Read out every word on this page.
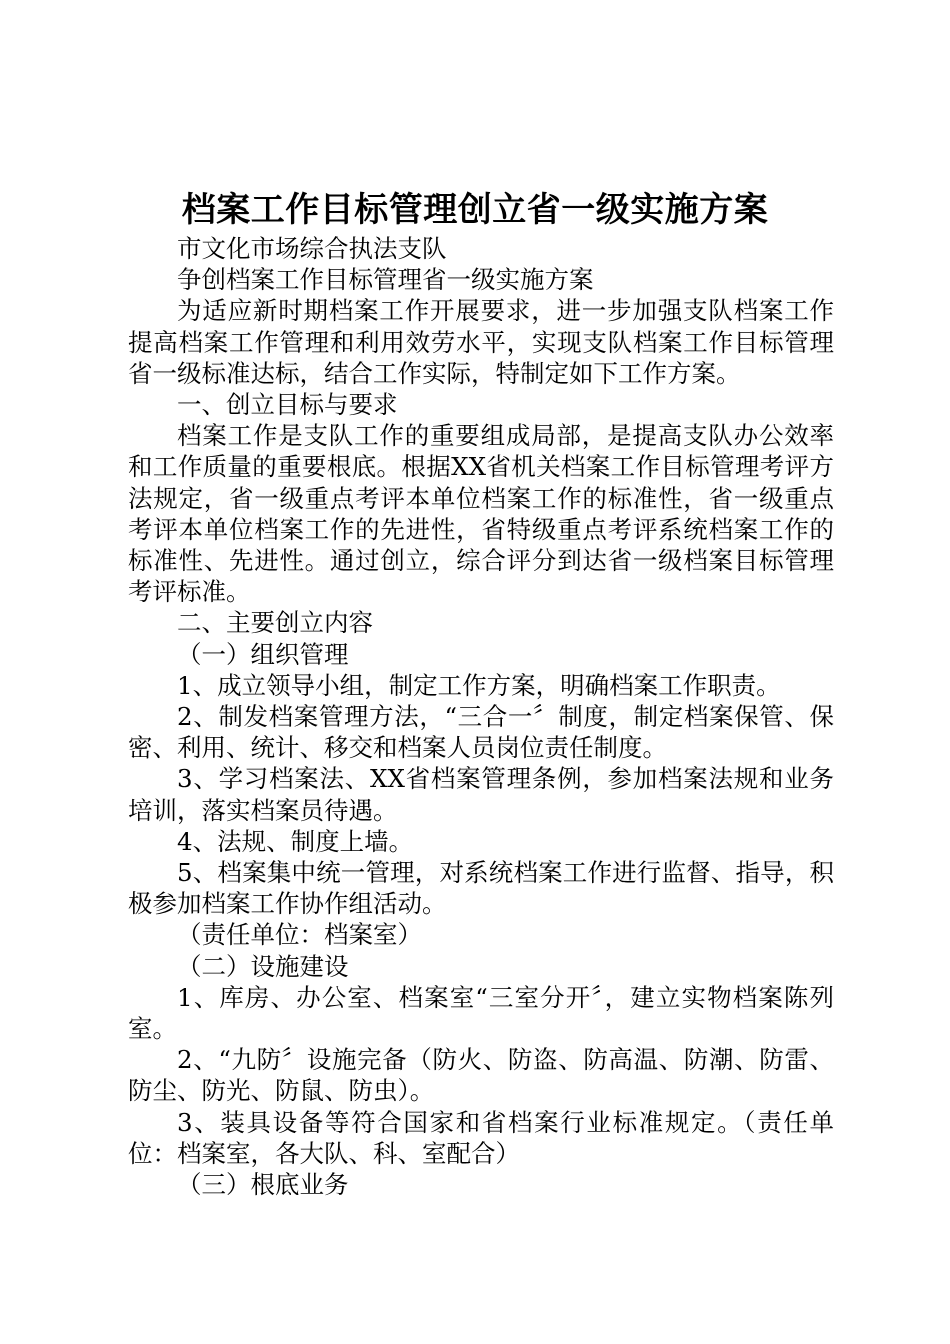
档案工作目标管理创立省一级实施方案

市文化市场综合执法支队

争创档案工作目标管理省一级实施方案

为适应新时期档案工作开展要求，进一步加强支队档案工作提高档案工作管理和利用效劳水平，实现支队档案工作目标管理省一级标准达标，结合工作实际，特制定如下工作方案。

一、创立目标与要求

档案工作是支队工作的重要组成局部，是提高支队办公效率和工作质量的重要根底。根据XX省机关档案工作目标管理考评方法规定，省一级重点考评本单位档案工作的标准性，省一级重点考评本单位档案工作的先进性，省特级重点考评系统档案工作的标准性、先进性。通过创立，综合评分到达省一级档案目标管理考评标准。

二、主要创立内容

（一）组织管理

1、成立领导小组，制定工作方案，明确档案工作职责。

2、制发档案管理方法，“三合一〞制度，制定档案保管、保密、利用、统计、移交和档案人员岗位责任制度。

3、学习档案法、XX省档案管理条例，参加档案法规和业务培训，落实档案员待遇。

4、法规、制度上墙。

5、档案集中统一管理，对系统档案工作进行监督、指导，积极参加档案工作协作组活动。

（责任单位：档案室）

（二）设施建设

1、库房、办公室、档案室“三室分开〞，建立实物档案陈列室。

2、“九防〞设施完备（防火、防盗、防高温、防潮、防雷、防尘、防光、防鼠、防虫）。

3、装具设备等符合国家和省档案行业标准规定。（责任单位：档案室，各大队、科、室配合）

（三）根底业务
